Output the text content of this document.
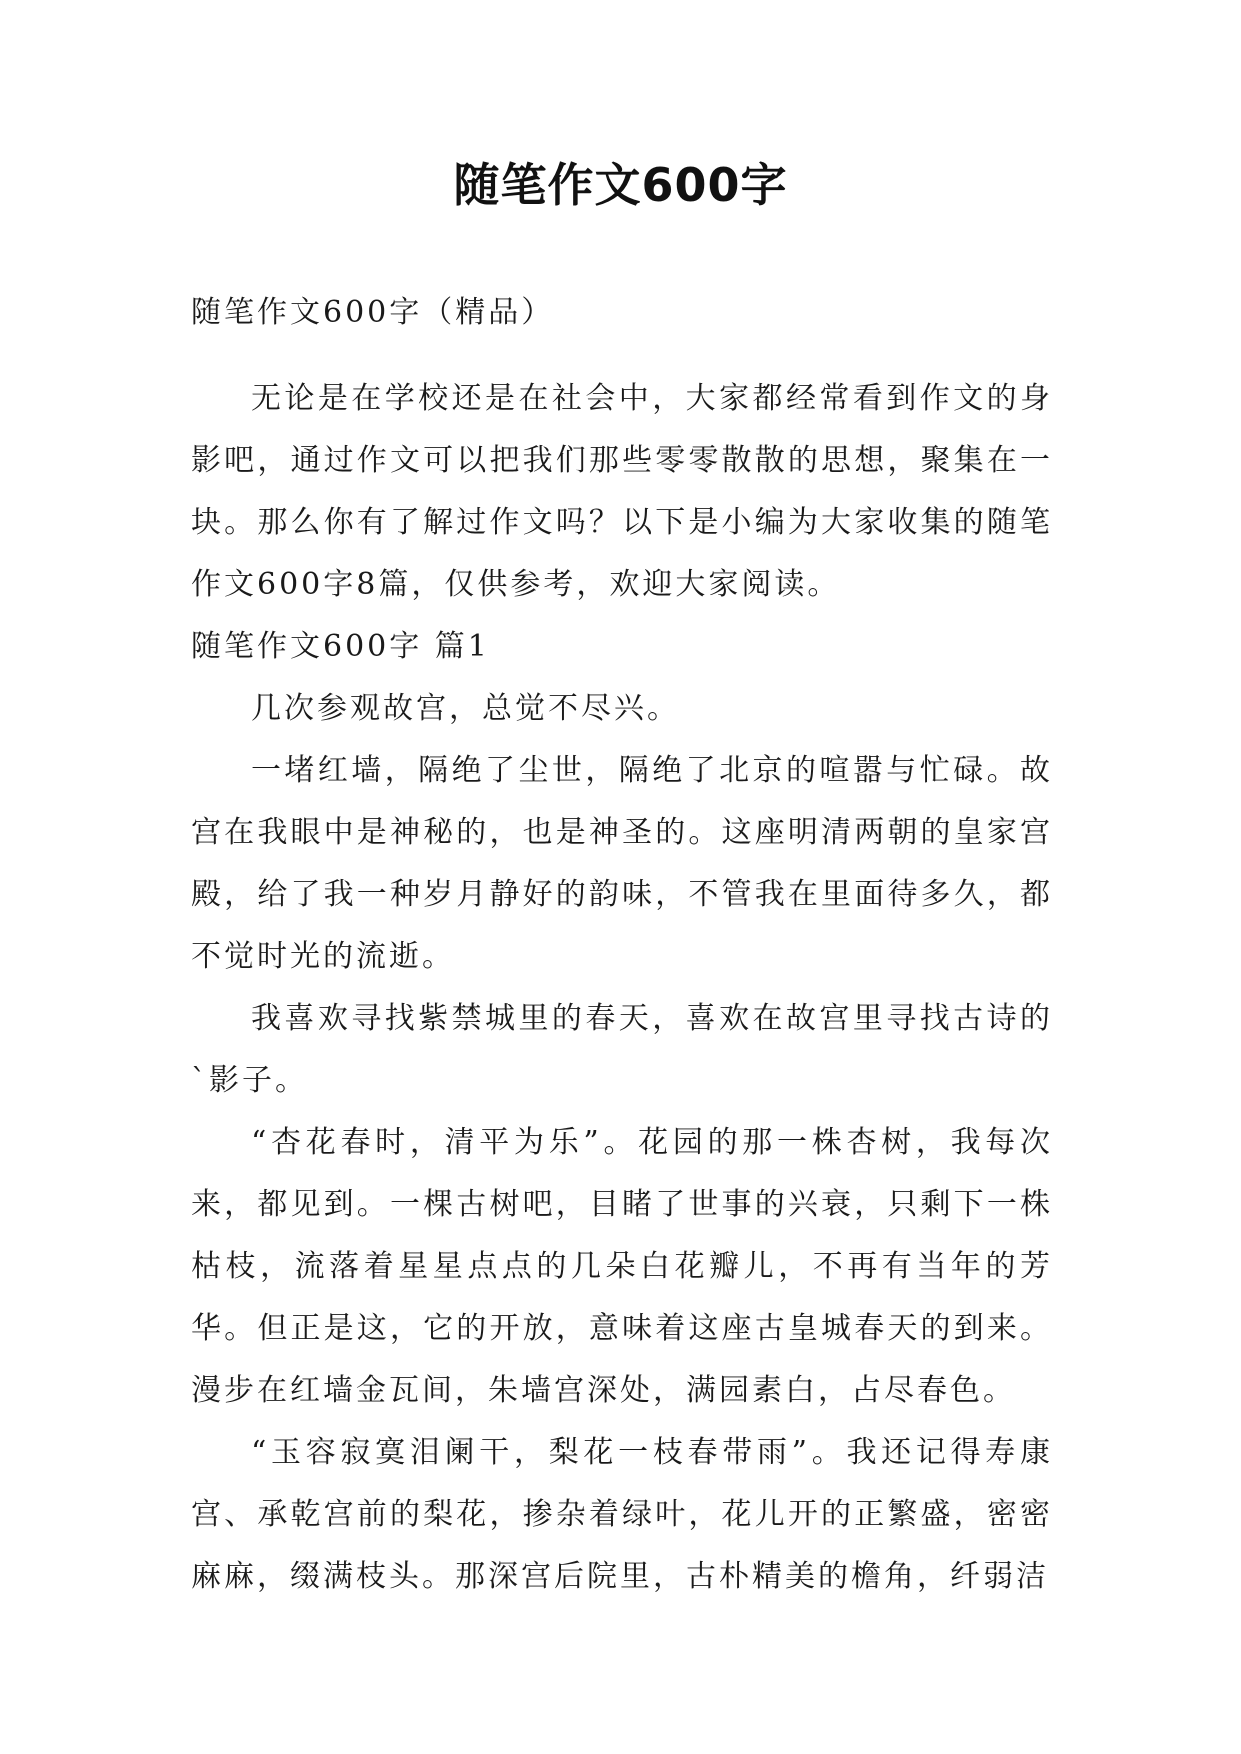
随笔作文600字
随笔作文600字（精品）

无论是在学校还是在社会中，大家都经常看到作文的身影吧，通过作文可以把我们那些零零散散的思想，聚集在一块。那么你有了解过作文吗？以下是小编为大家收集的随笔作文600字8篇，仅供参考，欢迎大家阅读。

随笔作文600字 篇1

几次参观故宫，总觉不尽兴。

一堵红墙，隔绝了尘世，隔绝了北京的喧嚣与忙碌。故宫在我眼中是神秘的，也是神圣的。这座明清两朝的皇家宫殿，给了我一种岁月静好的韵味，不管我在里面待多久，都不觉时光的流逝。

我喜欢寻找紫禁城里的春天，喜欢在故宫里寻找古诗的`影子。

“杏花春时，清平为乐”。花园的那一株杏树，我每次来，都见到。一棵古树吧，目睹了世事的兴衰，只剩下一株枯枝，流落着星星点点的几朵白花瓣儿，不再有当年的芳华。但正是这，它的开放，意味着这座古皇城春天的到来。漫步在红墙金瓦间，朱墙宫深处，满园素白，占尽春色。

“玉容寂寞泪阑干，梨花一枝春带雨”。我还记得寿康宫、承乾宫前的梨花，掺杂着绿叶，花儿开的正繁盛，密密麻麻，缀满枝头。那深宫后院里，古朴精美的檐角，纤弱洁
